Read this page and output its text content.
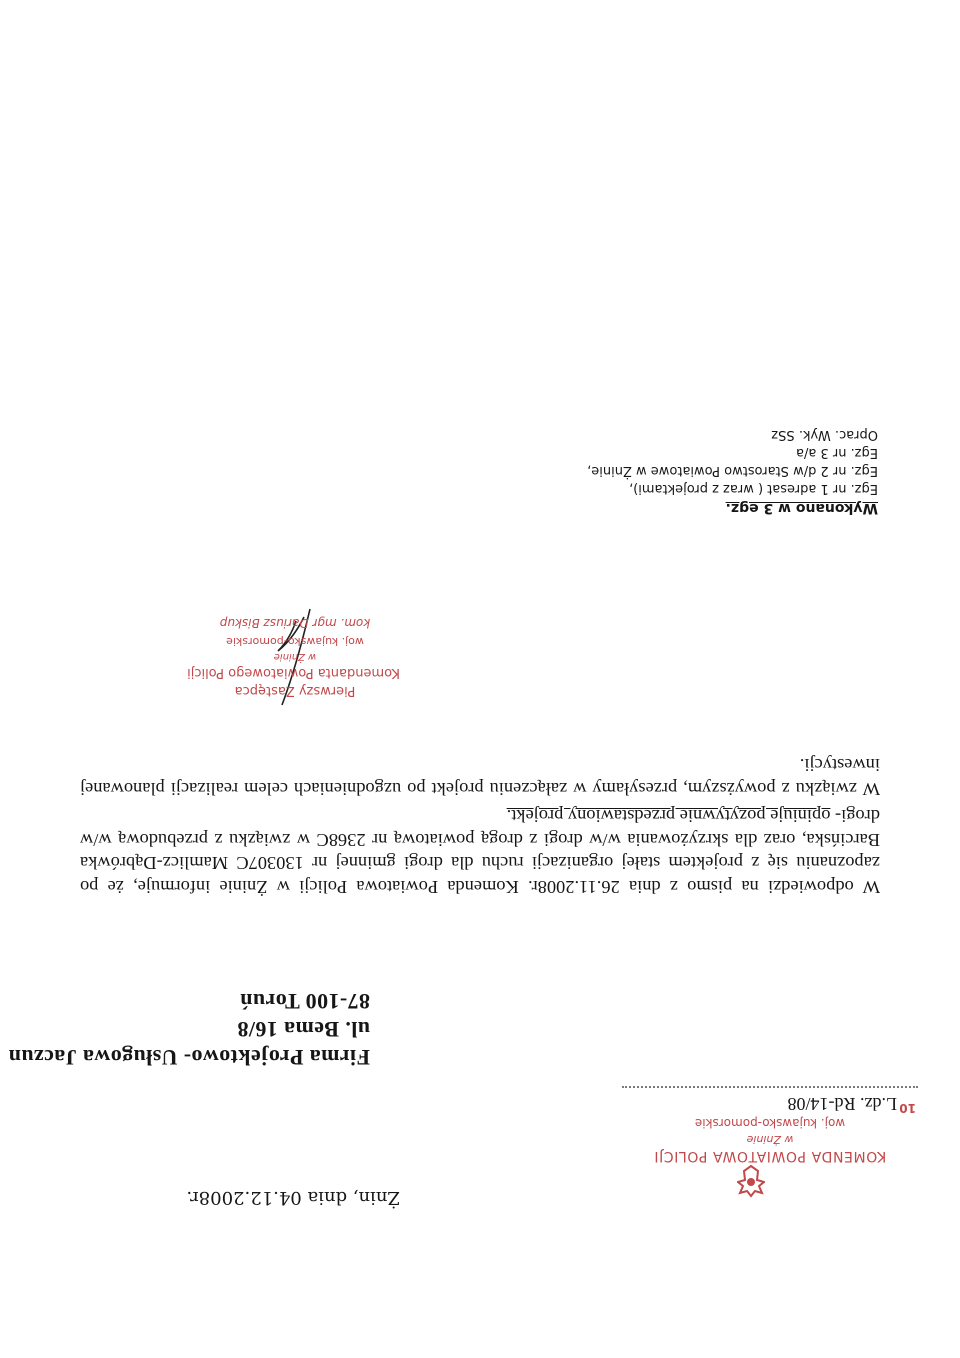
Żnin, dnia 04.12.2008r.
KOMENDA POWIATOWA POLICJI
w Żninie
woj. kujawsko-pomorskie
10
L.dz. Rd-14/08
Firma Projektowo- Usługowa Jaczun
ul. Bema 16/8
87-100 Toruń

W odpowiedzi na pismo z dnia 26.11.2008r. Komenda Powiatowa Policji w Żninie informuje, że po zapoznaniu się z projektem stałej organizacji ruchu dla drogi gminnej nr 130307C Mamlicz-Dąbrówka Barcińska, oraz dla skrzyżowania w/w drogi z drogą powiatową nr 2368C w związku z przebudową w/w drogi- opiniuje pozytywnie przedstawiony projekt.

W związku z powyższym, przesyłamy w załączeniu projekt po uzgodnieniach celem realizacji planowanej inwestycji.

Pierwszy Zastępca
Komendanta Powiatowego Policji
w Żninie
woj. kujawsko-pomorskie
kom. mgr Dariusz Biskup
Wykonano w 3 egz.
Egz. nr 1 adresat ( wraz z projektami),
Egz. nr 2 d/w Starostwo Powiatowe w Żninie,
Egz. nr 3 a/a
Oprac. Wyk. SSz
